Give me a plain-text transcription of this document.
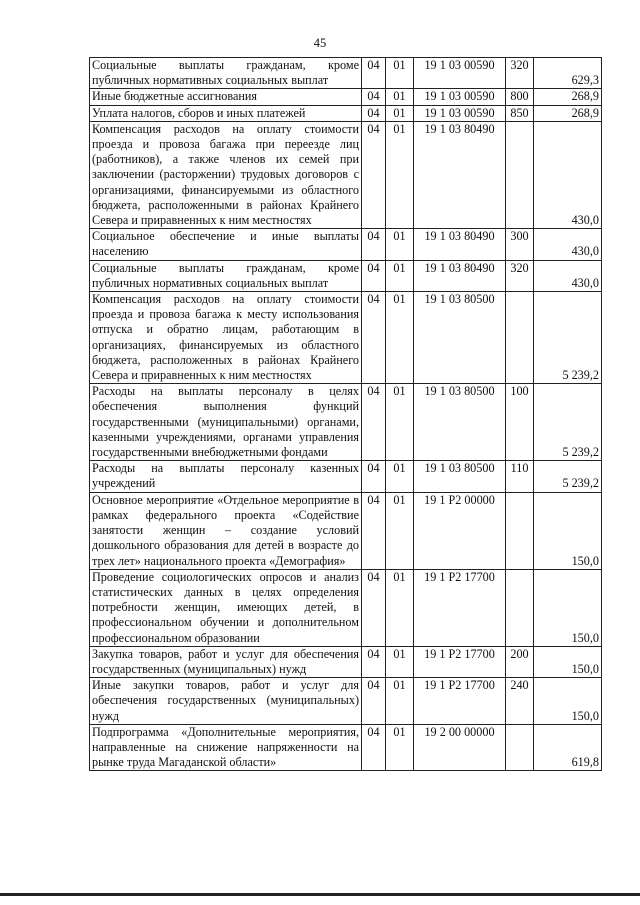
45
Социальные выплаты гражданам, кроме публичных нормативных социальных выплат	04	01	19 1 03 00590	320	629,3
Иные бюджетные ассигнования	04	01	19 1 03 00590	800	268,9
Уплата налогов, сборов и иных платежей	04	01	19 1 03 00590	850	268,9
Компенсация расходов на оплату стоимости проезда и провоза багажа при переезде лиц (работников), а также членов их семей при заключении (расторжении) трудовых договоров с организациями, финансируемыми из областного бюджета, расположенными в районах Крайнего Севера и приравненных к ним местностях	04	01	19 1 03 80490		430,0
Социальное обеспечение и иные выплаты населению	04	01	19 1 03 80490	300	430,0
Социальные выплаты гражданам, кроме публичных нормативных социальных выплат	04	01	19 1 03 80490	320	430,0
Компенсация расходов на оплату стоимости проезда и провоза багажа к месту использования отпуска и обратно лицам, работающим в организациях, финансируемых из областного бюджета, расположенных в районах Крайнего Севера и приравненных к ним местностях	04	01	19 1 03 80500		5 239,2
Расходы на выплаты персоналу в целях обеспечения выполнения функций государственными (муниципальными) органами, казенными учреждениями, органами управления государственными внебюджетными фондами	04	01	19 1 03 80500	100	5 239,2
Расходы на выплаты персоналу казенных учреждений	04	01	19 1 03 80500	110	5 239,2
Основное мероприятие «Отдельное мероприятие в рамках федерального проекта «Содействие занятости женщин – создание условий дошкольного образования для детей в возрасте до трех лет» национального проекта «Демография»	04	01	19 1 P2 00000		150,0
Проведение социологических опросов и анализ статистических данных в целях определения потребности женщин, имеющих детей, в профессиональном обучении и дополнительном профессиональном образовании	04	01	19 1 P2 17700		150,0
Закупка товаров, работ и услуг для обеспечения государственных (муниципальных) нужд	04	01	19 1 P2 17700	200	150,0
Иные закупки товаров, работ и услуг для обеспечения государственных (муниципальных) нужд	04	01	19 1 P2 17700	240	150,0
Подпрограмма «Дополнительные мероприятия, направленные на снижение напряженности на рынке труда Магаданской области»	04	01	19 2 00 00000		619,8
